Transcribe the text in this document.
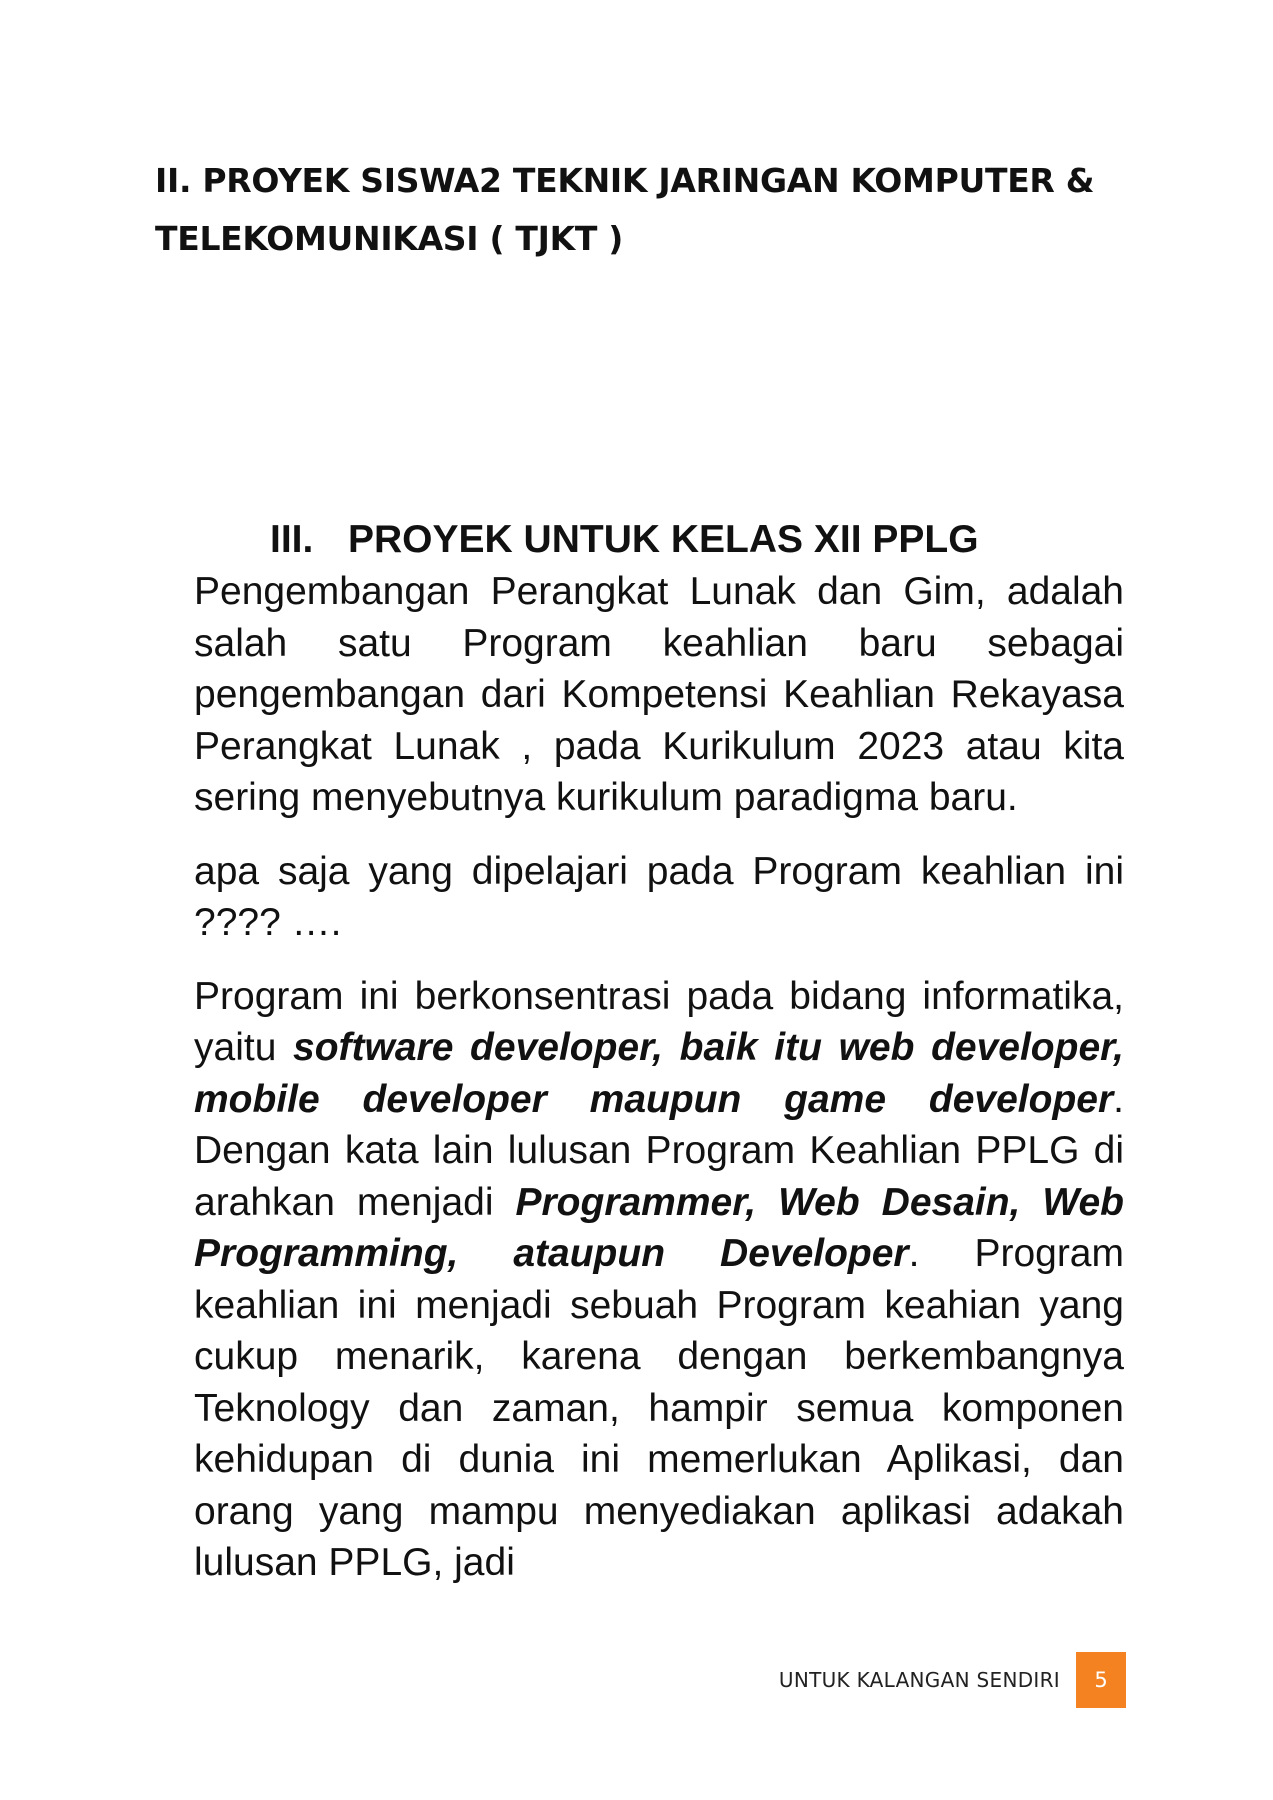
II. PROYEK SISWA2 TEKNIK JARINGAN KOMPUTER &
TELEKOMUNIKASI ( TJKT )
III. PROYEK UNTUK KELAS XII PPLG

Pengembangan Perangkat Lunak dan Gim, adalah salah satu Program keahlian baru sebagai pengembangan dari Kompetensi Keahlian Rekayasa Perangkat Lunak , pada Kurikulum 2023 atau kita sering menyebutnya kurikulum paradigma baru.

apa saja yang dipelajari pada Program keahlian ini ???? ….

Program ini berkonsentrasi pada bidang informatika, yaitu software developer, baik itu web developer, mobile developer maupun game developer. Dengan kata lain lulusan Program Keahlian PPLG di arahkan menjadi Programmer, Web Desain, Web Programming, ataupun Developer. Program keahlian ini menjadi sebuah Program keahian yang cukup menarik, karena dengan berkembangnya Teknology dan zaman, hampir semua komponen kehidupan di dunia ini memerlukan Aplikasi, dan orang yang mampu menyediakan aplikasi adakah lulusan PPLG, jadi

UNTUK KALANGAN SENDIRI	5
